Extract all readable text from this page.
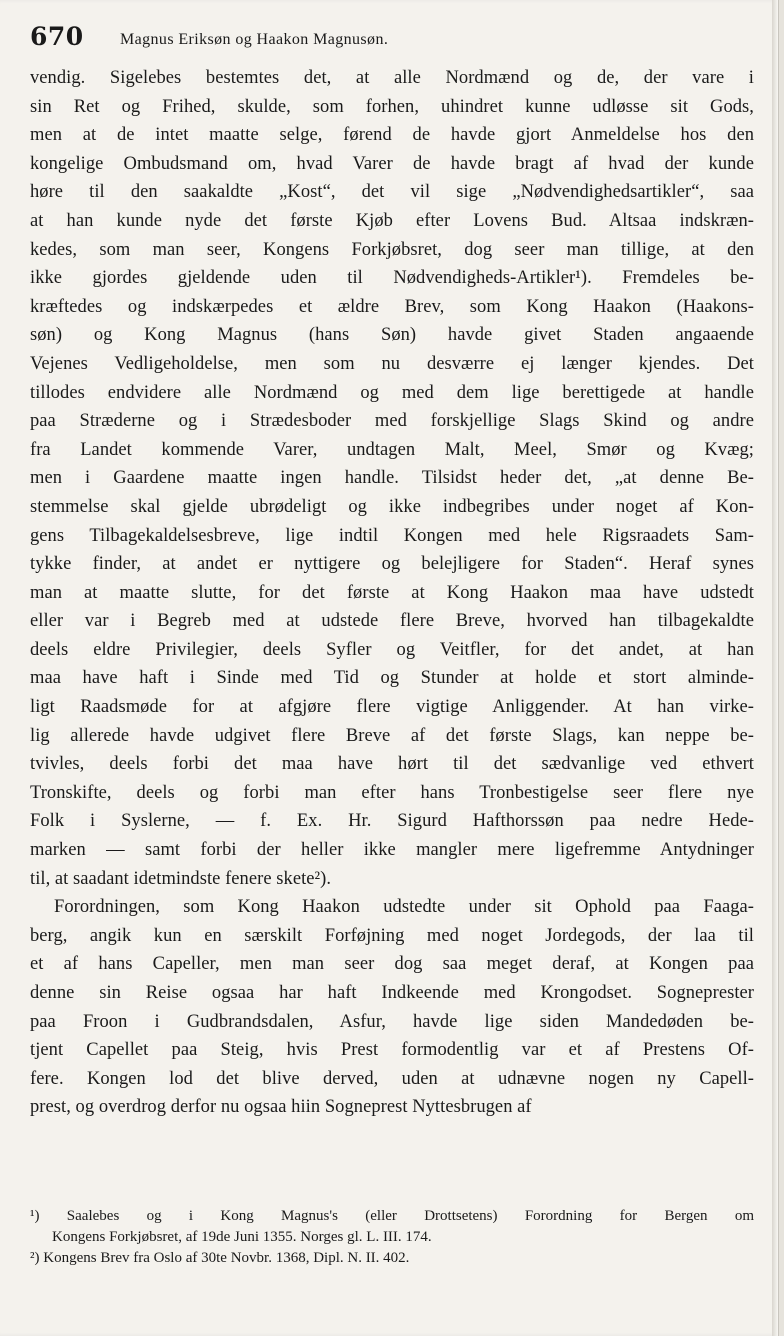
670 Magnus Eriksøn og Haakon Magnusøn.
vendig. Sigelebes bestemtes det, at alle Nordmænd og de, der vare i
sin Ret og Frihed, skulde, som forhen, uhindret kunne udløsse sit Gods,
men at de intet maatte selge, førend de havde gjort Anmeldelse hos den
kongelige Ombudsmand om, hvad Varer de havde bragt af hvad der kunde
høre til den saakaldte „Kost“, det vil sige „Nødvendighedsartikler“, saa
at han kunde nyde det første Kjøb efter Lovens Bud. Altsaa indskræn-
kedes, som man seer, Kongens Forkjøbsret, dog seer man tillige, at den
ikke gjordes gjeldende uden til Nødvendigheds-Artikler¹). Fremdeles be-
kræftedes og indskærpedes et ældre Brev, som Kong Haakon (Haakons-
søn) og Kong Magnus (hans Søn) havde givet Staden angaaende
Vejenes Vedligeholdelse, men som nu desværre ej længer kjendes. Det
tillodes endvidere alle Nordmænd og med dem lige berettigede at handle
paa Stræderne og i Strædesboder med forskjellige Slags Skind og andre
fra Landet kommende Varer, undtagen Malt, Meel, Smør og Kvæg;
men i Gaardene maatte ingen handle. Tilsidst heder det, „at denne Be-
stemmelse skal gjelde ubrødeligt og ikke indbegribes under noget af Kon-
gens Tilbagekaldelsesbreve, lige indtil Kongen med hele Rigsraadets Sam-
tykke finder, at andet er nyttigere og belejligere for Staden“. Heraf synes
man at maatte slutte, for det første at Kong Haakon maa have udstedt
eller var i Begreb med at udstede flere Breve, hvorved han tilbagekaldte
deels eldre Privilegier, deels Syfler og Veitfler, for det andet, at han
maa have haft i Sinde med Tid og Stunder at holde et stort alminde-
ligt Raadsmøde for at afgjøre flere vigtige Anliggender. At han virke-
lig allerede havde udgivet flere Breve af det første Slags, kan neppe be-
tvivles, deels forbi det maa have hørt til det sædvanlige ved ethvert
Tronskifte, deels og forbi man efter hans Tronbestigelse seer flere nye
Folk i Syslerne, — f. Ex. Hr. Sigurd Hafthorssøn paa nedre Hede-
marken — samt forbi der heller ikke mangler mere ligefremme Antydninger
til, at saadant idetmindste fenere skete²).
Forordningen, som Kong Haakon udstedte under sit Ophold paa Faaga-
berg, angik kun en særskilt Forføjning med noget Jordegods, der laa til
et af hans Capeller, men man seer dog saa meget deraf, at Kongen paa
denne sin Reise ogsaa har haft Indkeende med Krongodset. Sogneprester
paa Froon i Gudbrandsdalen, Asfur, havde lige siden Mandedøden be-
tjent Capellet paa Steig, hvis Prest formodentlig var et af Prestens Of-
fere. Kongen lod det blive derved, uden at udnævne nogen ny Capell-
prest, og overdrog derfor nu ogsaa hiin Sogneprest Nyttesbrugen af
¹) Saalebes og i Kong Magnus's (eller Drottsetens) Forordning for Bergen om
Kongens Forkjøbsret, af 19de Juni 1355. Norges gl. L. III. 174.
²) Kongens Brev fra Oslo af 30te Novbr. 1368, Dipl. N. II. 402.
